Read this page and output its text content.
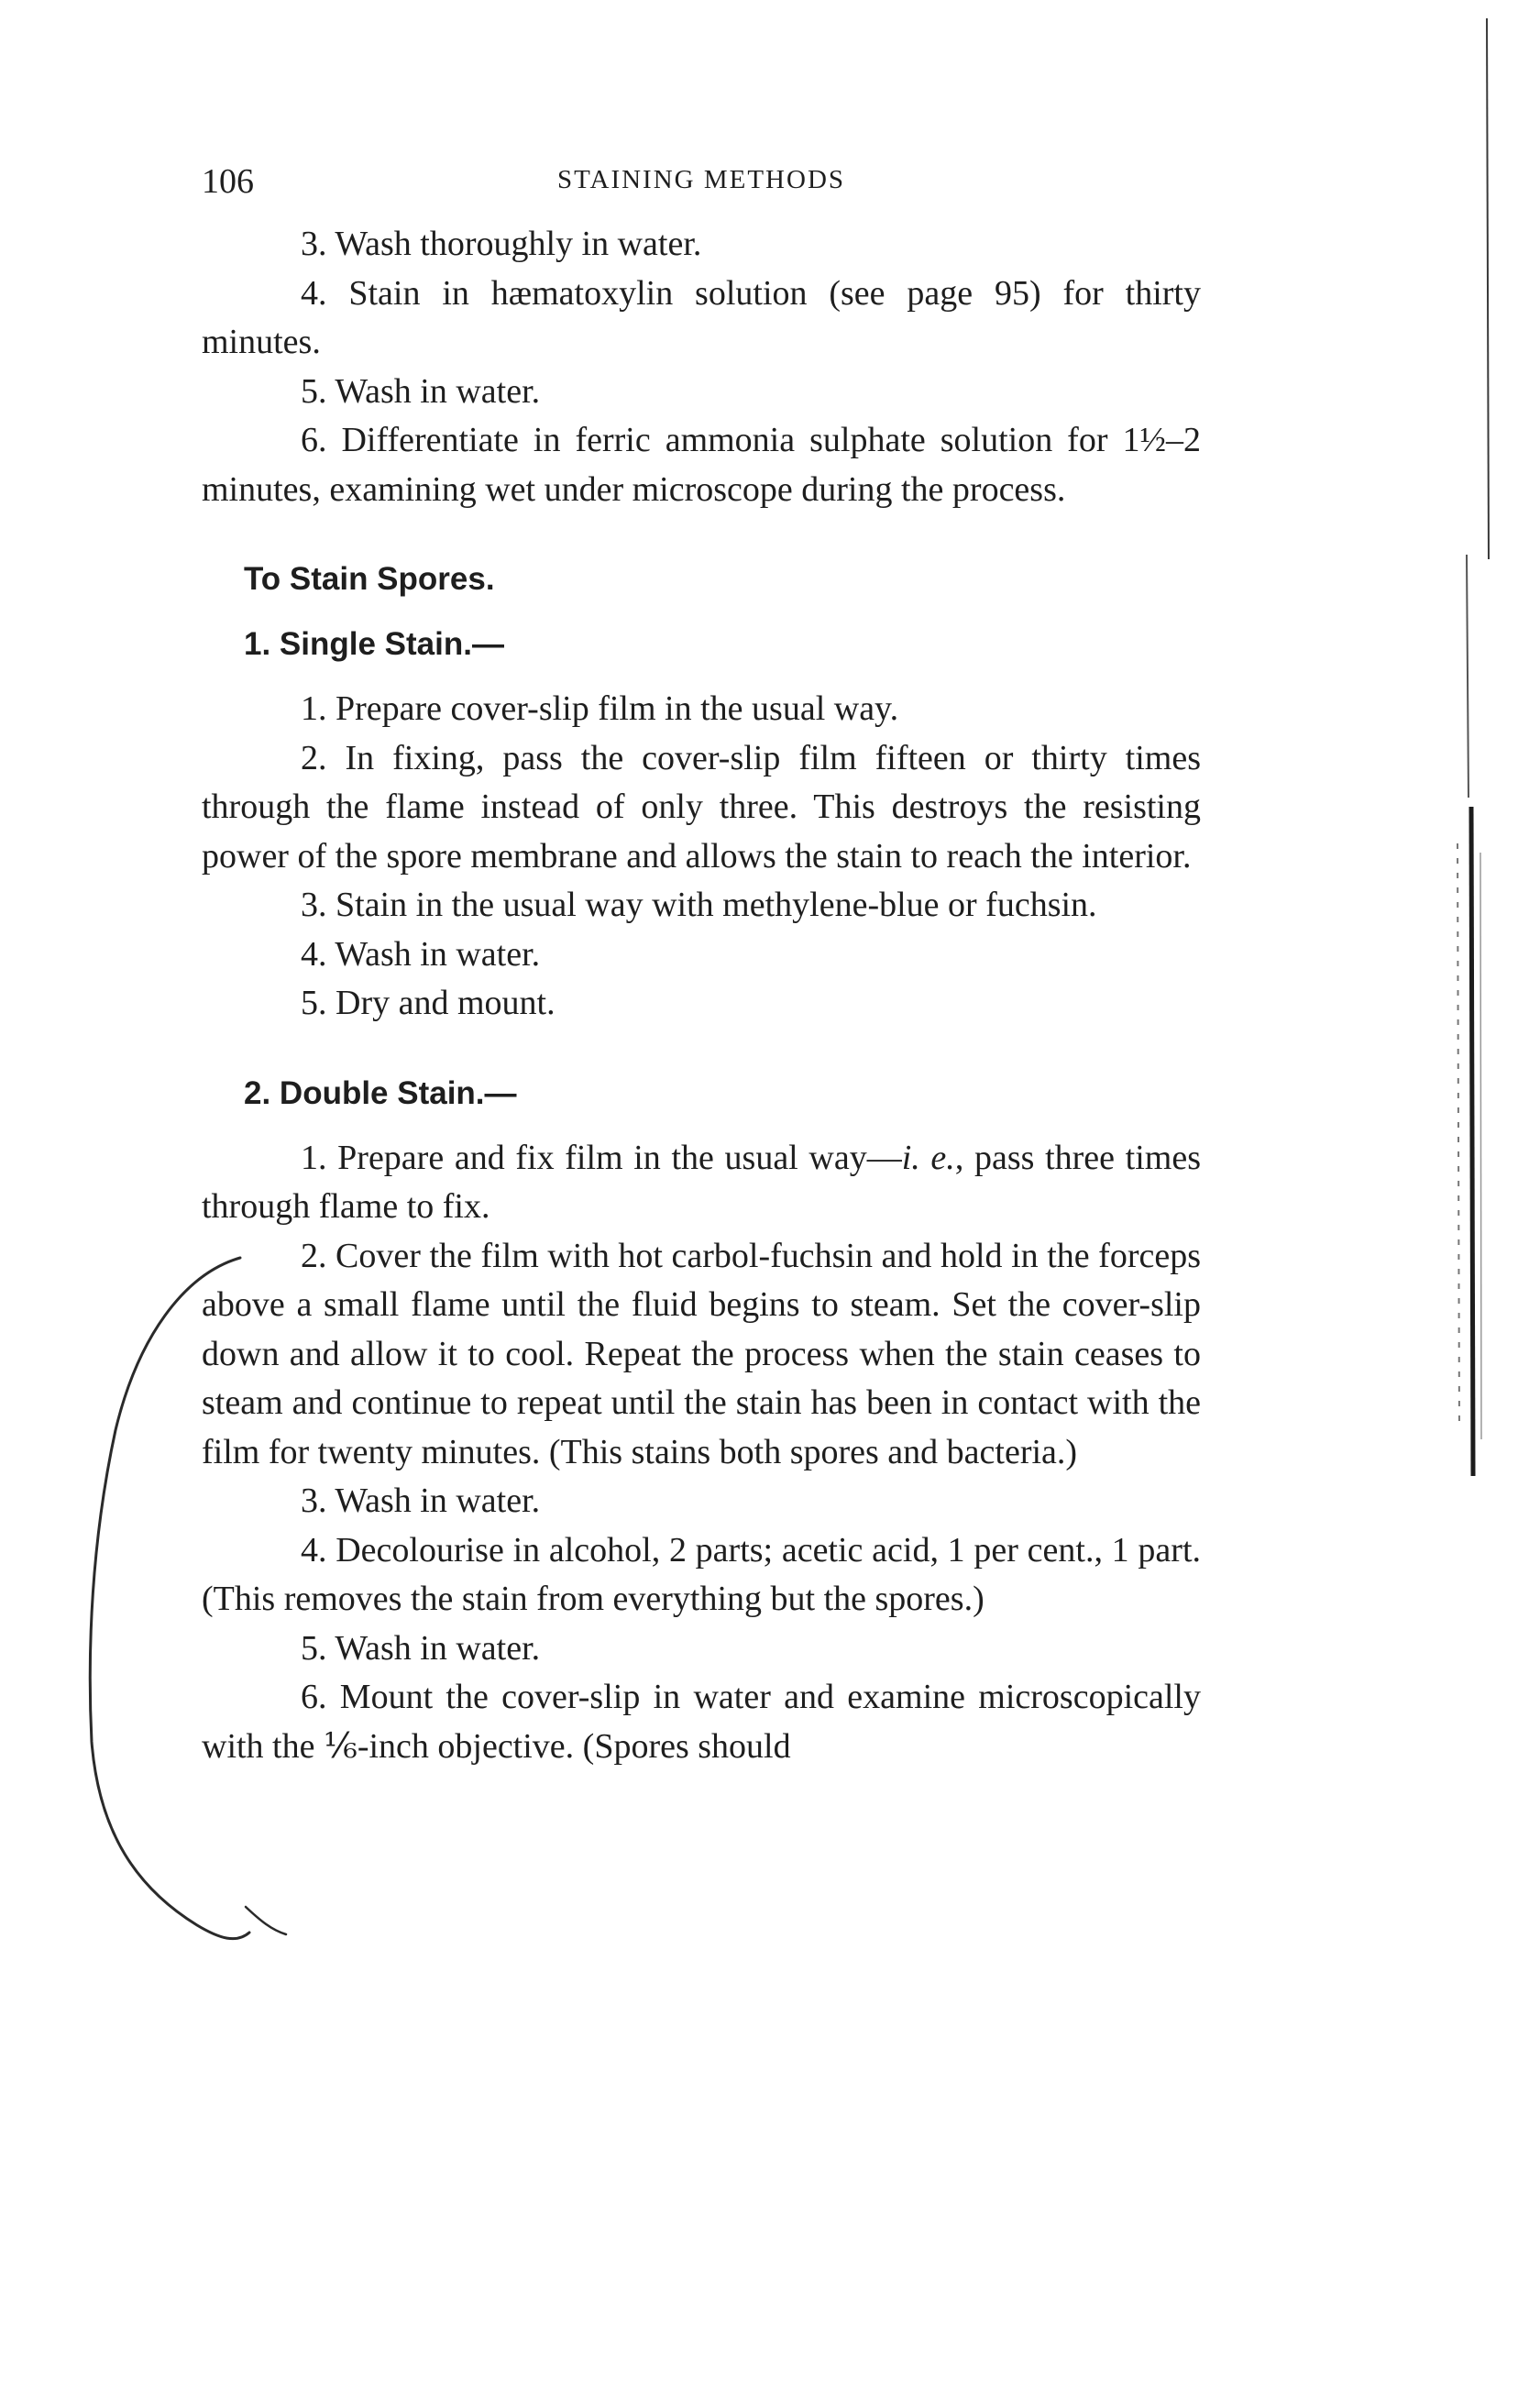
106	STAINING METHODS

3. Wash thoroughly in water.

4. Stain in hæmatoxylin solution (see page 95) for thirty minutes.

5. Wash in water.

6. Differentiate in ferric ammonia sulphate solution for 1½–2 minutes, examining wet under microscope during the process.

To Stain Spores.

1. Single Stain.—

1. Prepare cover-slip film in the usual way.

2. In fixing, pass the cover-slip film fifteen or thirty times through the flame instead of only three. This destroys the resisting power of the spore membrane and allows the stain to reach the interior.

3. Stain in the usual way with methylene-blue or fuchsin.

4. Wash in water.

5. Dry and mount.

2. Double Stain.—

1. Prepare and fix film in the usual way—i. e., pass three times through flame to fix.

2. Cover the film with hot carbol-fuchsin and hold in the forceps above a small flame until the fluid begins to steam. Set the cover-slip down and allow it to cool. Repeat the process when the stain ceases to steam and continue to repeat until the stain has been in contact with the film for twenty minutes. (This stains both spores and bacteria.)

3. Wash in water.

4. Decolourise in alcohol, 2 parts; acetic acid, 1 per cent., 1 part. (This removes the stain from everything but the spores.)

5. Wash in water.

6. Mount the cover-slip in water and examine microscopically with the ⅙-inch objective. (Spores should
